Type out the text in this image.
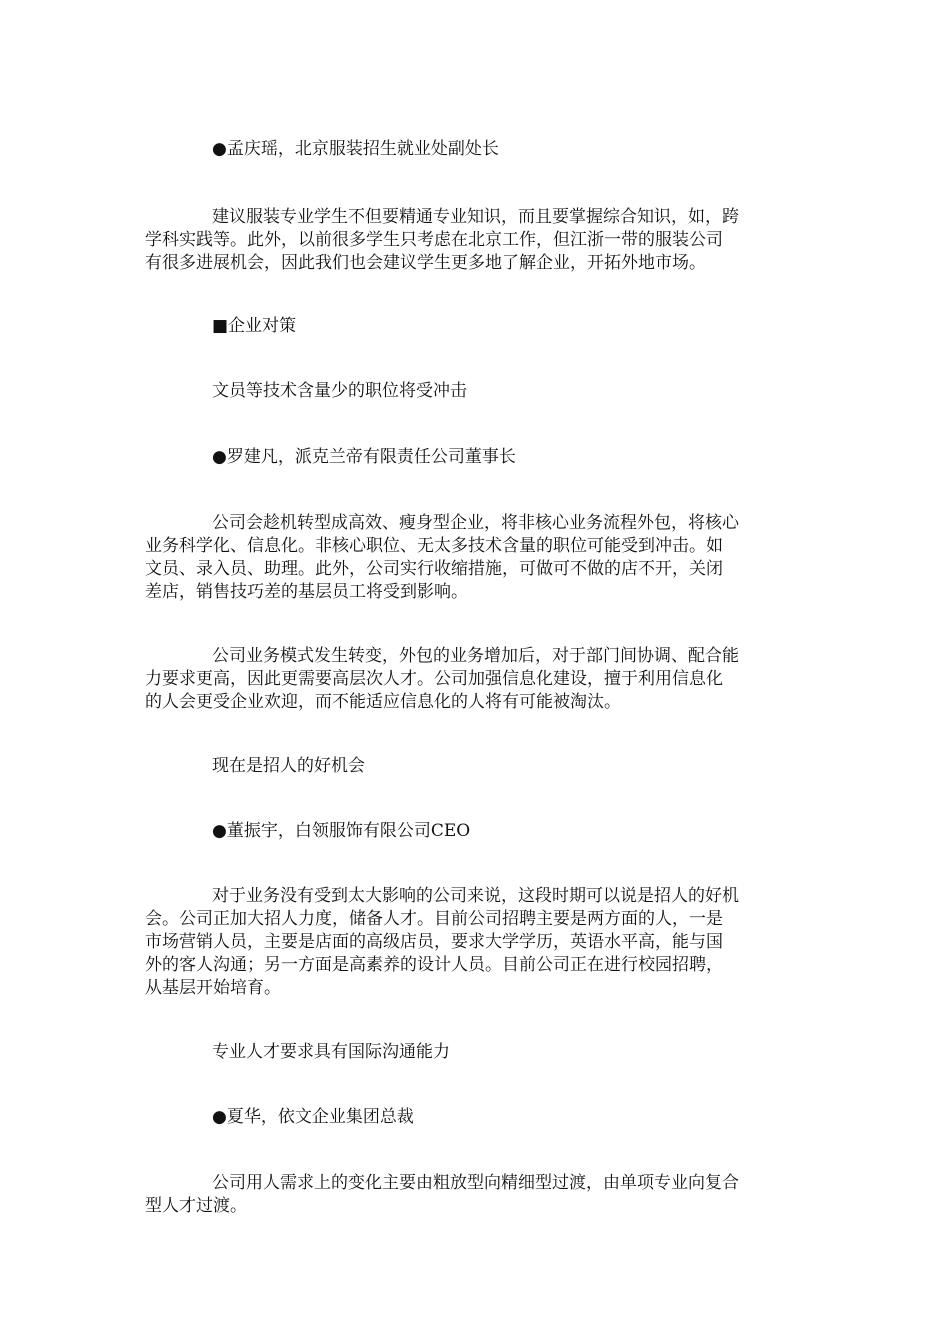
●孟庆瑶，北京服装招生就业处副处长

建议服装专业学生不但要精通专业知识，而且要掌握综合知识，如，跨

学科实践等。此外，以前很多学生只考虑在北京工作，但江浙一带的服装公司

有很多进展机会，因此我们也会建议学生更多地了解企业，开拓外地市场。

■企业对策

文员等技术含量少的职位将受冲击

●罗建凡，派克兰帝有限责任公司董事长

公司会趁机转型成高效、瘦身型企业，将非核心业务流程外包，将核心

业务科学化、信息化。非核心职位、无太多技术含量的职位可能受到冲击。如

文员、录入员、助理。此外，公司实行收缩措施，可做可不做的店不开，关闭

差店，销售技巧差的基层员工将受到影响。

公司业务模式发生转变，外包的业务增加后，对于部门间协调、配合能

力要求更高，因此更需要高层次人才。公司加强信息化建设，擅于利用信息化

的人会更受企业欢迎，而不能适应信息化的人将有可能被淘汰。

现在是招人的好机会

●董振宇，白领服饰有限公司CEO

对于业务没有受到太大影响的公司来说，这段时期可以说是招人的好机

会。公司正加大招人力度，储备人才。目前公司招聘主要是两方面的人，一是

市场营销人员，主要是店面的高级店员，要求大学学历，英语水平高，能与国

外的客人沟通；另一方面是高素养的设计人员。目前公司正在进行校园招聘，

从基层开始培育。

专业人才要求具有国际沟通能力

●夏华，依文企业集团总裁

公司用人需求上的变化主要由粗放型向精细型过渡，由单项专业向复合

型人才过渡。
